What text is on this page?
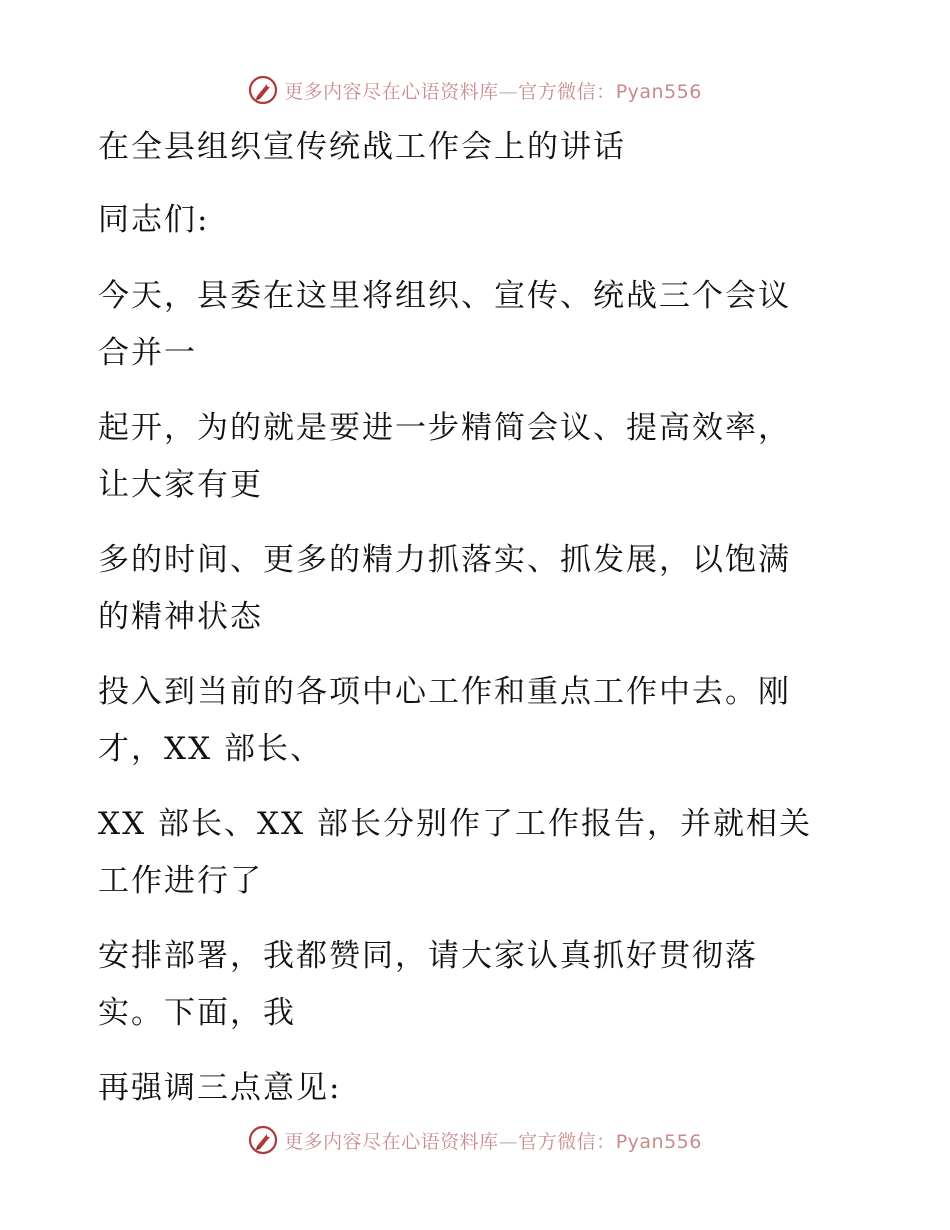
更多内容尽在心语资料库—官方微信：Pyan556
在全县组织宣传统战工作会上的讲话
同志们:
今天，县委在这里将组织、宣传、统战三个会议
合并一
起开，为的就是要进一步精简会议、提高效率，
让大家有更
多的时间、更多的精力抓落实、抓发展，以饱满
的精神状态
投入到当前的各项中心工作和重点工作中去。刚
才，XX 部长、
XX 部长、XX 部长分别作了工作报告，并就相关
工作进行了
安排部署，我都赞同，请大家认真抓好贯彻落
实。下面，我
再强调三点意见:
更多内容尽在心语资料库—官方微信：Pyan556
